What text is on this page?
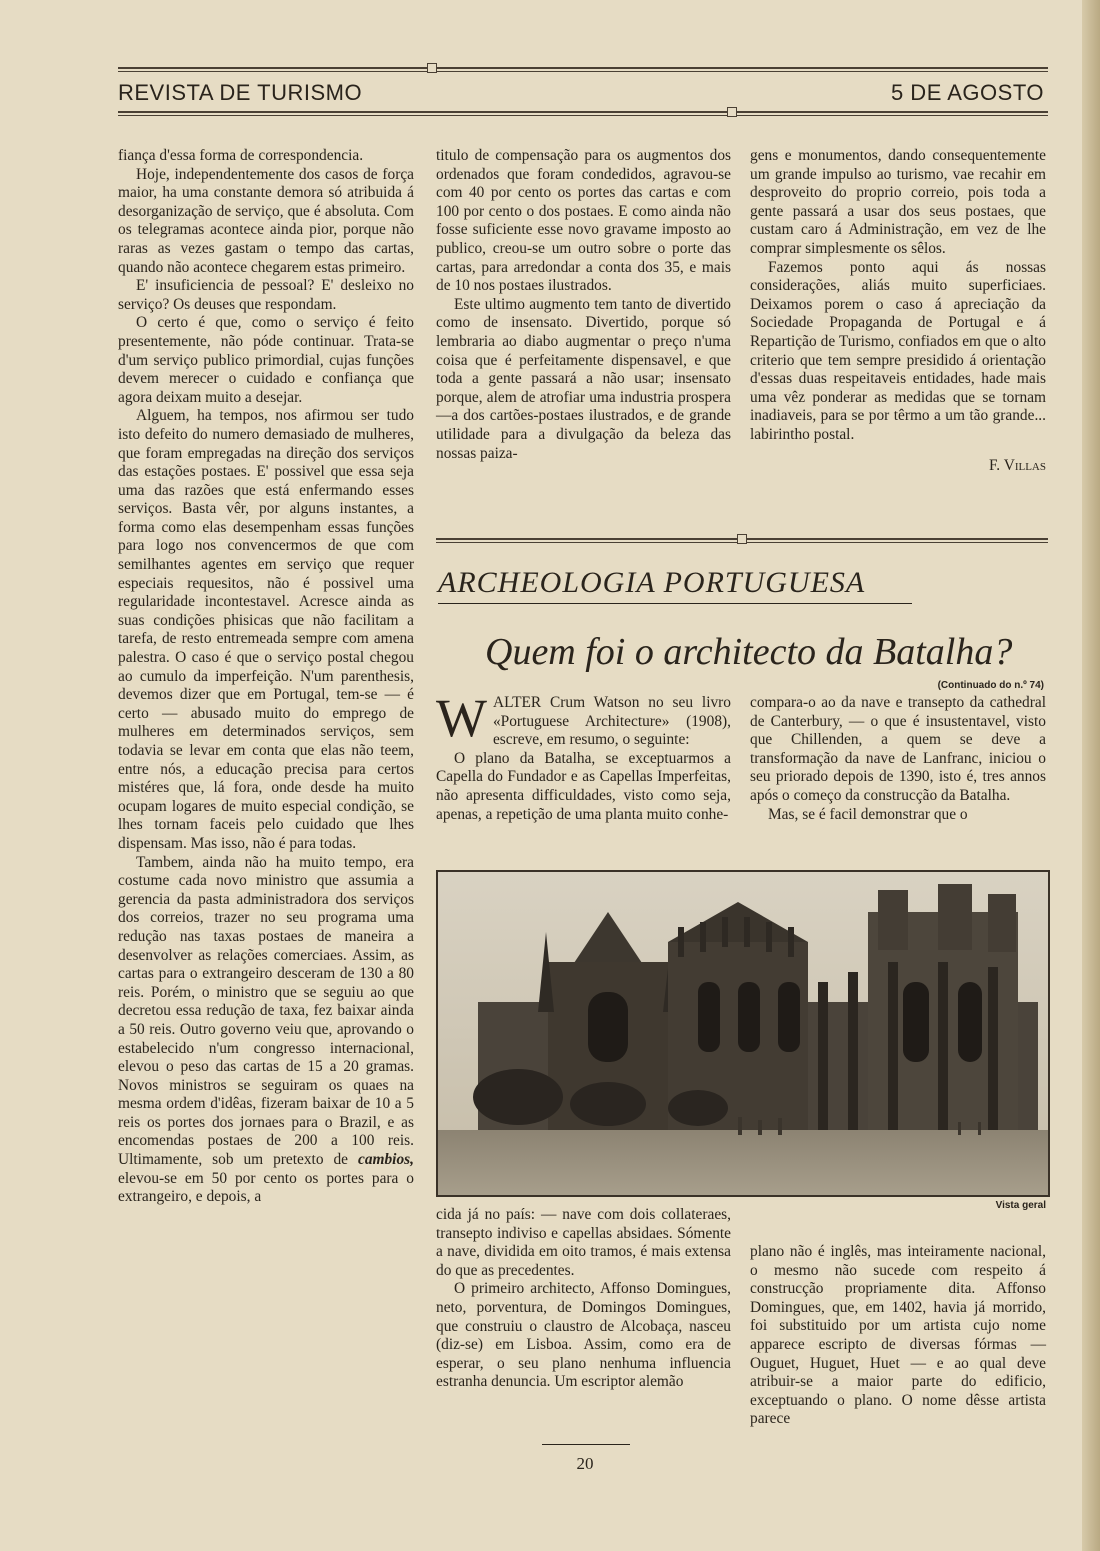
REVISTA DE TURISMO	5 DE AGOSTO

fiança d'essa forma de correspondencia.

Hoje, independentemente dos casos de força maior, ha uma constante demora só atribuida á desorganização de serviço, que é absoluta. Com os telegramas acontece ainda pior, porque não raras as vezes gastam o tempo das cartas, quando não acontece chegarem estas primeiro.

E' insuficiencia de pessoal? E' desleixo no serviço? Os deuses que respondam.

O certo é que, como o serviço é feito presentemente, não póde continuar. Trata-se d'um serviço publico primordial, cujas funções devem merecer o cuidado e confiança que agora deixam muito a desejar.

Alguem, ha tempos, nos afirmou ser tudo isto defeito do numero demasiado de mulheres, que foram empregadas na direção dos serviços das estações postaes. E' possivel que essa seja uma das razões que está enfermando esses serviços. Basta vêr, por alguns instantes, a forma como elas desempenham essas funções para logo nos convencermos de que com semilhantes agentes em serviço que requer especiais requesitos, não é possivel uma regularidade incontestavel. Acresce ainda as suas condições phisicas que não facilitam a tarefa, de resto entremeada sempre com amena palestra. O caso é que o serviço postal chegou ao cumulo da imperfeição. N'um parenthesis, devemos dizer que em Portugal, tem-se — é certo — abusado muito do emprego de mulheres em determinados serviços, sem todavia se levar em conta que elas não teem, entre nós, a educação precisa para certos mistéres que, lá fora, onde desde ha muito ocupam logares de muito especial condição, se lhes tornam faceis pelo cuidado que lhes dispensam. Mas isso, não é para todas.

Tambem, ainda não ha muito tempo, era costume cada novo ministro que assumia a gerencia da pasta administradora dos serviços dos correios, trazer no seu programa uma redução nas taxas postaes de maneira a desenvolver as relações comerciaes. Assim, as cartas para o extrangeiro desceram de 130 a 80 reis. Porém, o ministro que se seguiu ao que decretou essa redução de taxa, fez baixar ainda a 50 reis. Outro governo veiu que, aprovando o estabelecido n'um congresso internacional, elevou o peso das cartas de 15 a 20 gramas. Novos ministros se seguiram os quaes na mesma ordem d'idêas, fizeram baixar de 10 a 5 reis os portes dos jornaes para o Brazil, e as encomendas postaes de 200 a 100 reis. Ultimamente, sob um pretexto de cambios, elevou-se em 50 por cento os portes para o extrangeiro, e depois, a

titulo de compensação para os augmentos dos ordenados que foram condedidos, agravou-se com 40 por cento os portes das cartas e com 100 por cento o dos postaes. E como ainda não fosse suficiente esse novo gravame imposto ao publico, creou-se um outro sobre o porte das cartas, para arredondar a conta dos 35, e mais de 10 nos postaes ilustrados.

Este ultimo augmento tem tanto de divertido como de insensato. Divertido, porque só lembraria ao diabo augmentar o preço n'uma coisa que é perfeitamente dispensavel, e que toda a gente passará a não usar; insensato porque, alem de atrofiar uma industria prospera—a dos cartões-postaes ilustrados, e de grande utilidade para a divulgação da beleza das nossas paiza-

gens e monumentos, dando consequentemente um grande impulso ao turismo, vae recahir em desproveito do proprio correio, pois toda a gente passará a usar dos seus postaes, que custam caro á Administração, em vez de lhe comprar simplesmente os sêlos.

Fazemos ponto aqui ás nossas considerações, aliás muito superficiaes. Deixamos porem o caso á apreciação da Sociedade Propaganda de Portugal e á Repartição de Turismo, confiados em que o alto criterio que tem sempre presidido á orientação d'essas duas respeitaveis entidades, hade mais uma vêz ponderar as medidas que se tornam inadiaveis, para se por têrmo a um tão grande... labirintho postal.

F. Villas

ARCHEOLOGIA PORTUGUESA
Quem foi o architecto da Batalha?
(Continuado do n.º 74)

WALTER Crum Watson no seu livro «Portuguese Architecture» (1908), escreve, em resumo, o seguinte:

O plano da Batalha, se exceptuarmos a Capella do Fundador e as Capellas Imperfeitas, não apresenta difficuldades, visto como seja, apenas, a repetição de uma planta muito conhe-

compara-o ao da nave e transepto da cathedral de Canterbury, — o que é insustentavel, visto que Chillenden, a quem se deve a transformação da nave de Lanfranc, iniciou o seu priorado depois de 1390, isto é, tres annos após o começo da construcção da Batalha.

Mas, se é facil demonstrar que o

Vista geral

cida já no país: — nave com dois collateraes, transepto indiviso e capellas absidaes. Sómente a nave, dividida em oito tramos, é mais extensa do que as precedentes.

O primeiro architecto, Affonso Domingues, neto, porventura, de Domingos Domingues, que construiu o claustro de Alcobaça, nasceu (diz-se) em Lisboa. Assim, como era de esperar, o seu plano nenhuma influencia estranha denuncia. Um escriptor alemão

plano não é inglês, mas inteiramente nacional, o mesmo não sucede com respeito á construcção propriamente dita. Affonso Domingues, que, em 1402, havia já morrido, foi substituido por um artista cujo nome apparece escripto de diversas fórmas — Ouguet, Huguet, Huet — e ao qual deve atribuir-se a maior parte do edificio, exceptuando o plano. O nome dêsse artista parece

20
